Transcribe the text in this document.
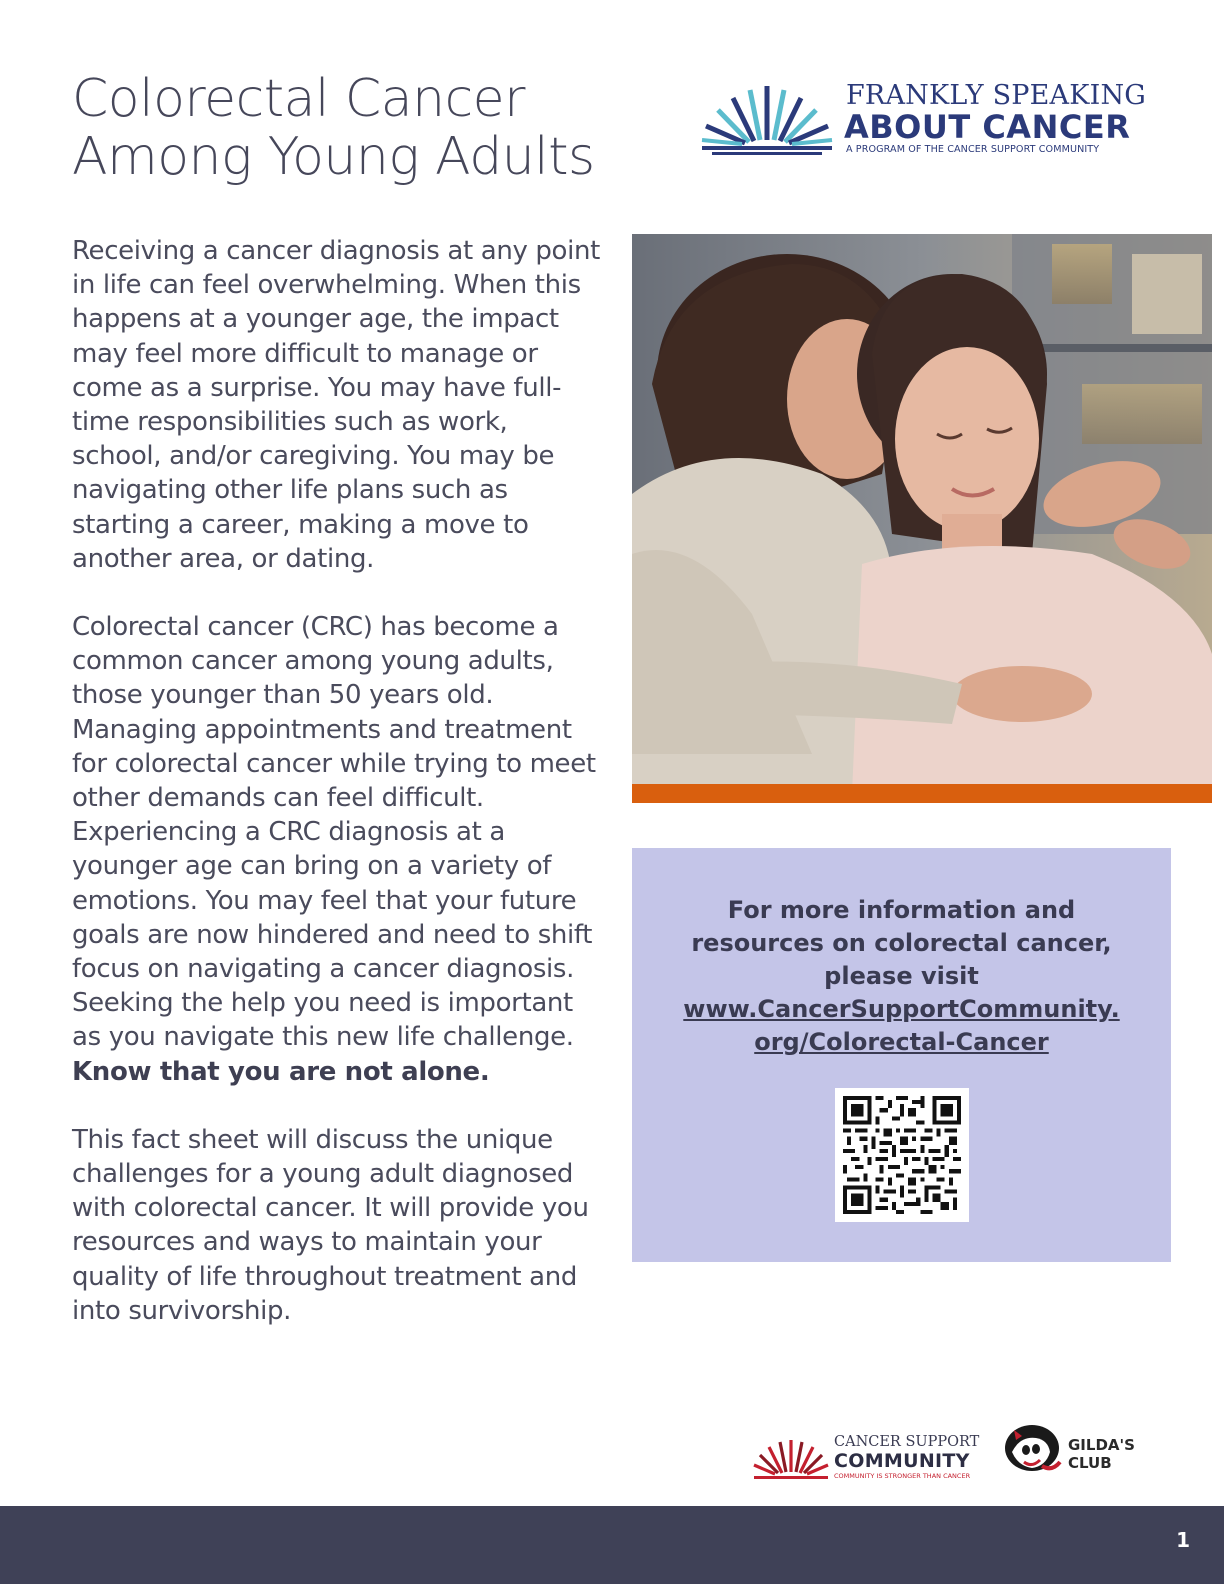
Colorectal Cancer
Among Young Adults
FRANKLY SPEAKING
ABOUT CANCER
A PROGRAM OF THE CANCER SUPPORT COMMUNITY

Receiving a cancer diagnosis at any point in life can feel overwhelming. When this happens at a younger age, the impact may feel more difficult to manage or come as a surprise. You may have full-time responsibilities such as work, school, and/or caregiving. You may be navigating other life plans such as starting a career, making a move to another area, or dating.

Colorectal cancer (CRC) has become a common cancer among young adults, those younger than 50 years old. Managing appointments and treatment for colorectal cancer while trying to meet other demands can feel difficult. Experiencing a CRC diagnosis at a younger age can bring on a variety of emotions. You may feel that your future goals are now hindered and need to shift focus on navigating a cancer diagnosis. Seeking the help you need is important as you navigate this new life challenge.
Know that you are not alone.

This fact sheet will discuss the unique challenges for a young adult diagnosed with colorectal cancer. It will provide you resources and ways to maintain your quality of life throughout treatment and into survivorship.

For more information and
resources on colorectal cancer,
please visit
www.CancerSupportCommunity.
org/Colorectal-Cancer
CANCER SUPPORT
COMMUNITY
COMMUNITY IS STRONGER THAN CANCER
GILDA'S
CLUB
1
